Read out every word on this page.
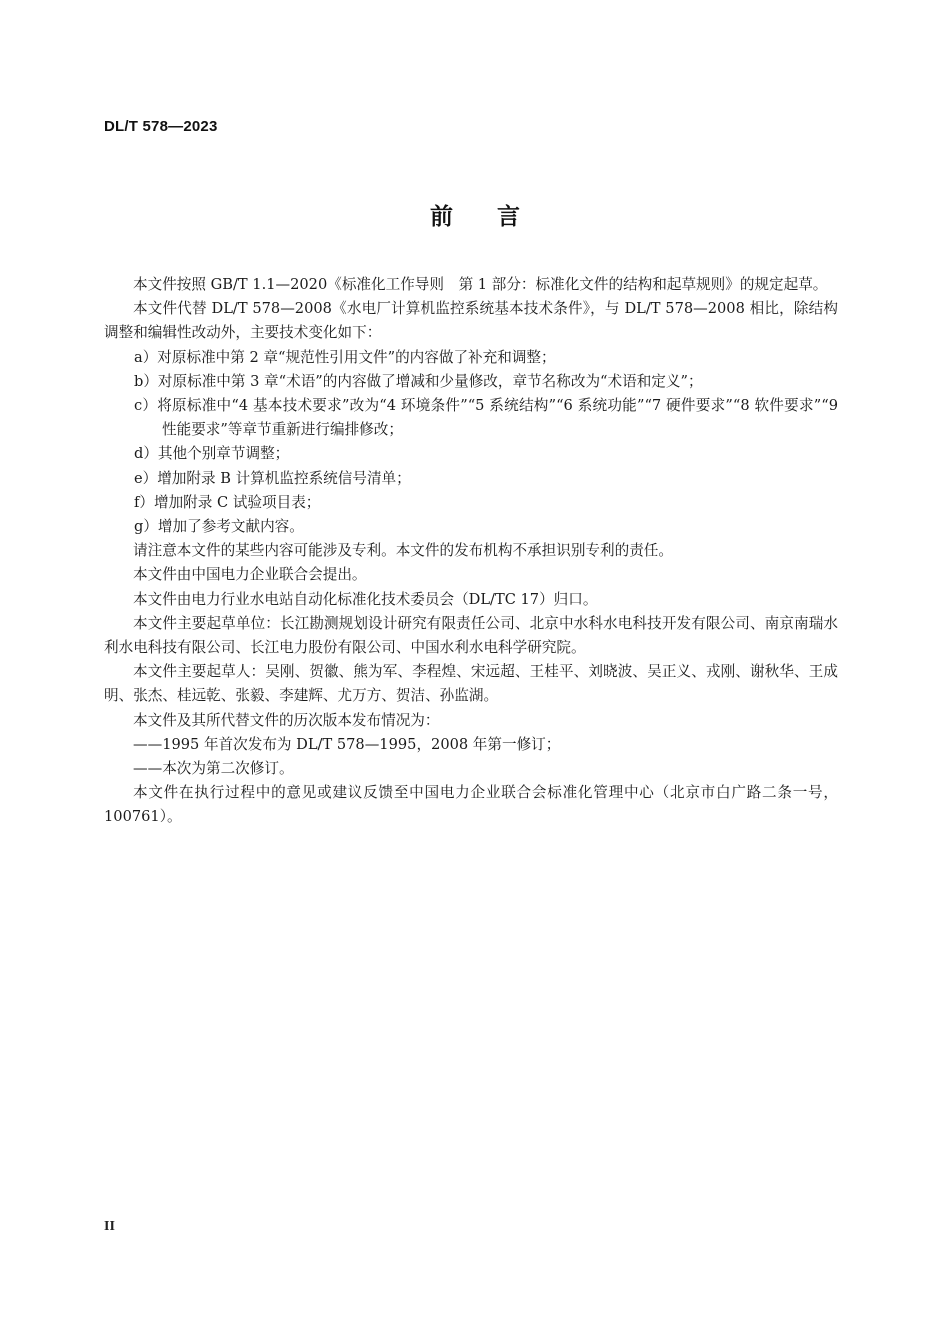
DL/T 578—2023
前言

本文件按照 GB/T 1.1—2020《标准化工作导则　第 1 部分：标准化文件的结构和起草规则》的规定起草。

本文件代替 DL/T 578—2008《水电厂计算机监控系统基本技术条件》，与 DL/T 578—2008 相比，除结构调整和编辑性改动外，主要技术变化如下：

a）对原标准中第 2 章“规范性引用文件”的内容做了补充和调整；

b）对原标准中第 3 章“术语”的内容做了增减和少量修改，章节名称改为“术语和定义”；

c）将原标准中“4 基本技术要求”改为“4 环境条件”“5 系统结构”“6 系统功能”“7 硬件要求”“8 软件要求”“9 性能要求”等章节重新进行编排修改；

d）其他个别章节调整；

e）增加附录 B 计算机监控系统信号清单；

f）增加附录 C 试验项目表；

g）增加了参考文献内容。

请注意本文件的某些内容可能涉及专利。本文件的发布机构不承担识别专利的责任。

本文件由中国电力企业联合会提出。

本文件由电力行业水电站自动化标准化技术委员会（DL/TC 17）归口。

本文件主要起草单位：长江勘测规划设计研究有限责任公司、北京中水科水电科技开发有限公司、南京南瑞水利水电科技有限公司、长江电力股份有限公司、中国水利水电科学研究院。

本文件主要起草人：吴刚、贺徽、熊为军、李程煌、宋远超、王桂平、刘晓波、吴正义、戎刚、谢秋华、王成明、张杰、桂远乾、张毅、李建辉、尤万方、贺洁、孙监湖。

本文件及其所代替文件的历次版本发布情况为：

——1995 年首次发布为 DL/T 578—1995，2008 年第一修订；

——本次为第二次修订。

本文件在执行过程中的意见或建议反馈至中国电力企业联合会标准化管理中心（北京市白广路二条一号，100761）。

II
